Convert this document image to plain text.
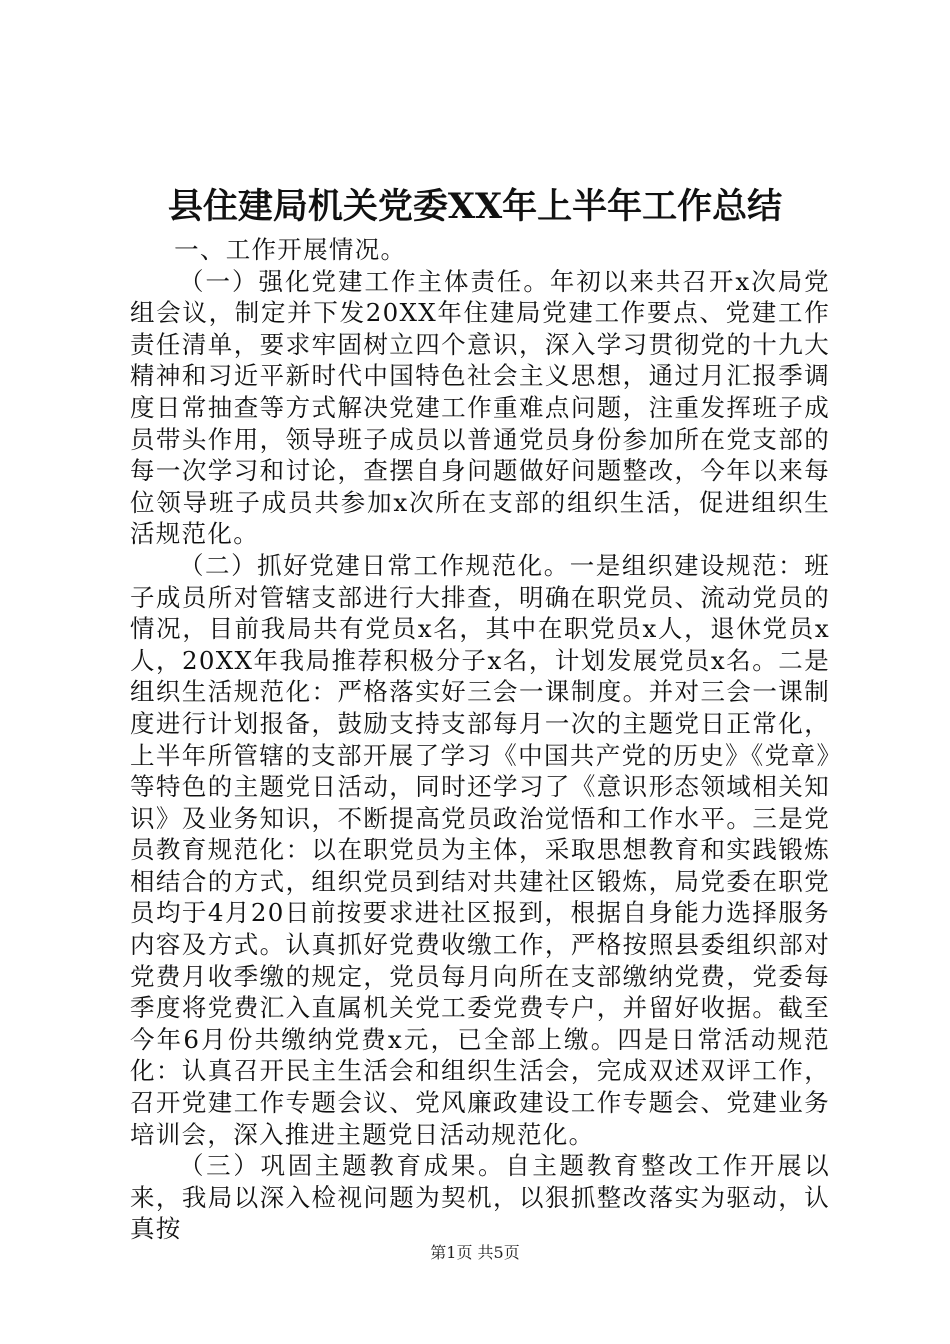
县住建局机关党委XX年上半年工作总结

一、工作开展情况。

（一）强化党建工作主体责任。年初以来共召开x次局党组会议，制定并下发20XX年住建局党建工作要点、党建工作责任清单，要求牢固树立四个意识，深入学习贯彻党的十九大精神和习近平新时代中国特色社会主义思想，通过月汇报季调度日常抽查等方式解决党建工作重难点问题，注重发挥班子成员带头作用，领导班子成员以普通党员身份参加所在党支部的每一次学习和讨论，查摆自身问题做好问题整改，今年以来每位领导班子成员共参加x次所在支部的组织生活，促进组织生活规范化。

（二）抓好党建日常工作规范化。一是组织建设规范：班子成员所对管辖支部进行大排查，明确在职党员、流动党员的情况，目前我局共有党员x名，其中在职党员x人，退休党员x人，20XX年我局推荐积极分子x名，计划发展党员x名。二是组织生活规范化：严格落实好三会一课制度。并对三会一课制度进行计划报备，鼓励支持支部每月一次的主题党日正常化，上半年所管辖的支部开展了学习《中国共产党的历史》《党章》等特色的主题党日活动，同时还学习了《意识形态领域相关知识》及业务知识，不断提高党员政治觉悟和工作水平。三是党员教育规范化：以在职党员为主体，采取思想教育和实践锻炼相结合的方式，组织党员到结对共建社区锻炼，局党委在职党员均于4月20日前按要求进社区报到，根据自身能力选择服务内容及方式。认真抓好党费收缴工作，严格按照县委组织部对党费月收季缴的规定，党员每月向所在支部缴纳党费，党委每季度将党费汇入直属机关党工委党费专户，并留好收据。截至今年6月份共缴纳党费x元，已全部上缴。四是日常活动规范化：认真召开民主生活会和组织生活会，完成双述双评工作，召开党建工作专题会议、党风廉政建设工作专题会、党建业务培训会，深入推进主题党日活动规范化。

（三）巩固主题教育成果。自主题教育整改工作开展以来，我局以深入检视问题为契机，以狠抓整改落实为驱动，认真按

第1页 共5页
